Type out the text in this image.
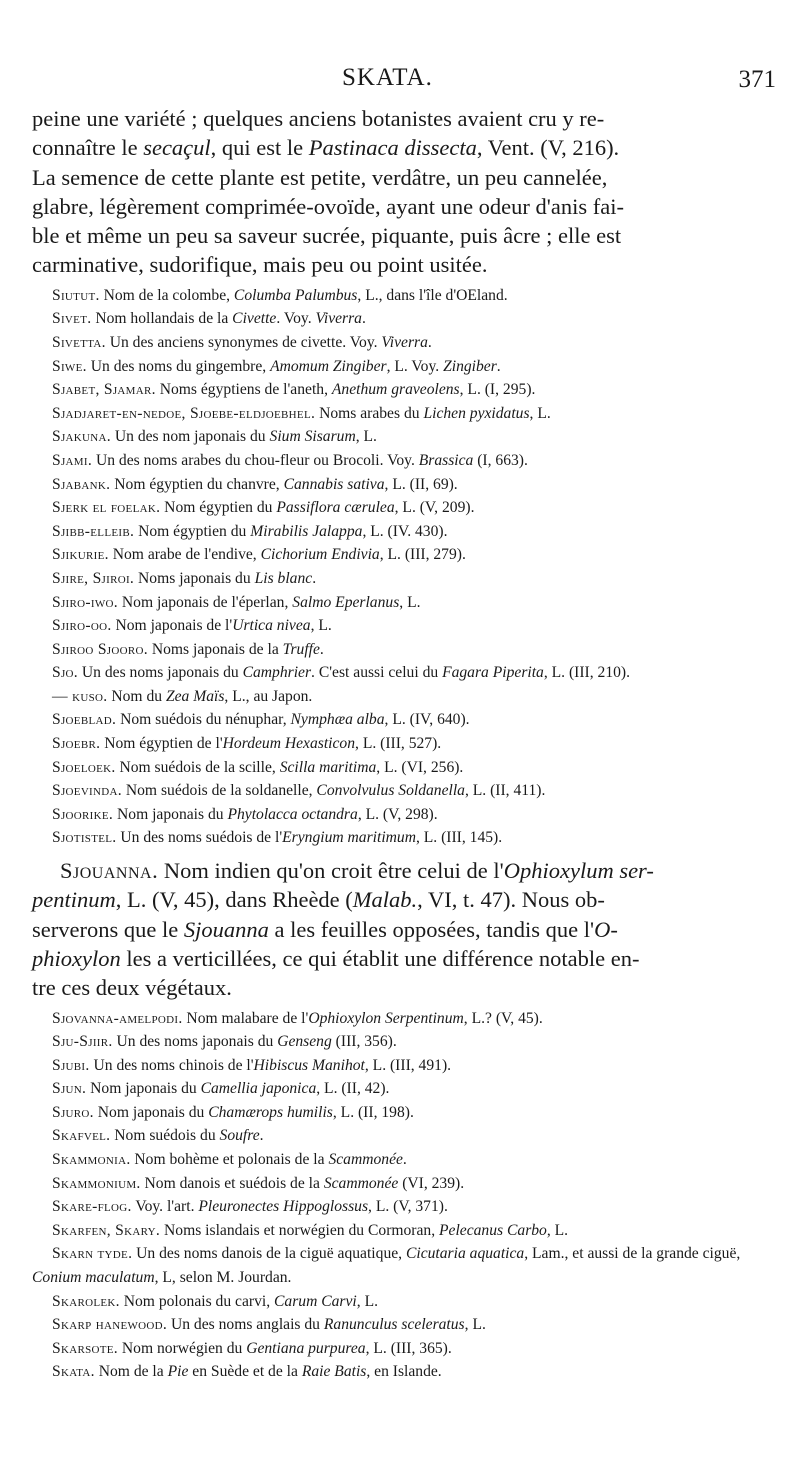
SKATA.	371
peine une variété ; quelques anciens botanistes avaient cru y re-
connaître le secaçul, qui est le Pastinaca dissecta, Vent. (V, 216).
La semence de cette plante est petite, verdâtre, un peu cannelée,
glabre, légèrement comprimée-ovoïde, ayant une odeur d'anis fai-
ble et même un peu sa saveur sucrée, piquante, puis âcre ; elle est
carminative, sudorifique, mais peu ou point usitée.
Siutut. Nom de la colombe, Columba Palumbus, L., dans l'île d'OEland.
Sivet. Nom hollandais de la Civette. Voy. Viverra.
Sivetta. Un des anciens synonymes de civette. Voy. Viverra.
Siwe. Un des noms du gingembre, Amomum Zingiber, L. Voy. Zingiber.
Sjabet, Sjamar. Noms égyptiens de l'aneth, Anethum graveolens, L. (I, 295).
Sjadjaret-en-nedoe, Sjoebe-eldjoebhel. Noms arabes du Lichen pyxidatus, L.
Sjakuna. Un des nom japonais du Sium Sisarum, L.
Sjami. Un des noms arabes du chou-fleur ou Brocoli. Voy. Brassica (I, 663).
Sjabank. Nom égyptien du chanvre, Cannabis sativa, L. (II, 69).
Sjerk el foelak. Nom égyptien du Passiflora cærulea, L. (V, 209).
Sjibb-elleib. Nom égyptien du Mirabilis Jalappa, L. (IV. 430).
Sjikurie. Nom arabe de l'endive, Cichorium Endivia, L. (III, 279).
Sjire, Sjiroi. Noms japonais du Lis blanc.
Sjiro-iwo. Nom japonais de l'éperlan, Salmo Eperlanus, L.
Sjiro-oo. Nom japonais de l'Urtica nivea, L.
Sjiroo Sjooro. Noms japonais de la Truffe.
Sjo. Un des noms japonais du Camphrier. C'est aussi celui du Fagara Piperita, L. (III, 210).
— kuso. Nom du Zea Maïs, L., au Japon.
Sjoeblad. Nom suédois du nénuphar, Nymphæa alba, L. (IV, 640).
Sjoebr. Nom égyptien de l'Hordeum Hexasticon, L. (III, 527).
Sjoeloek. Nom suédois de la scille, Scilla maritima, L. (VI, 256).
Sjoevinda. Nom suédois de la soldanelle, Convolvulus Soldanella, L. (II, 411).
Sjoorike. Nom japonais du Phytolacca octandra, L. (V, 298).
Sjotistel. Un des noms suédois de l'Eryngium maritimum, L. (III, 145).
Sjouanna. Nom indien qu'on croit être celui de l'Ophioxylum ser-
pentinum, L. (V, 45), dans Rheède (Malab., VI, t. 47). Nous ob-
serverons que le Sjouanna a les feuilles opposées, tandis que l'O-
phioxylon les a verticillées, ce qui établit une différence notable en-
tre ces deux végétaux.
Sjovanna-amelpodi. Nom malabare de l'Ophioxylon Serpentinum, L.? (V, 45).
Sju-Sjiir. Un des noms japonais du Genseng (III, 356).
Sjubi. Un des noms chinois de l'Hibiscus Manihot, L. (III, 491).
Sjun. Nom japonais du Camellia japonica, L. (II, 42).
Sjuro. Nom japonais du Chamærops humilis, L. (II, 198).
Skafvel. Nom suédois du Soufre.
Skammonia. Nom bohème et polonais de la Scammonée.
Skammonium. Nom danois et suédois de la Scammonée (VI, 239).
Skare-flog. Voy. l'art. Pleuronectes Hippoglossus, L. (V, 371).
Skarfen, Skary. Noms islandais et norwégien du Cormoran, Pelecanus Carbo, L.
Skarn tyde. Un des noms danois de la ciguë aquatique, Cicutaria aquatica, Lam., et aussi de la grande ciguë, Conium maculatum, L, selon M. Jourdan.
Skarolek. Nom polonais du carvi, Carum Carvi, L.
Skarp hanewood. Un des noms anglais du Ranunculus sceleratus, L.
Skarsote. Nom norwégien du Gentiana purpurea, L. (III, 365).
Skata. Nom de la Pie en Suède et de la Raie Batis, en Islande.
